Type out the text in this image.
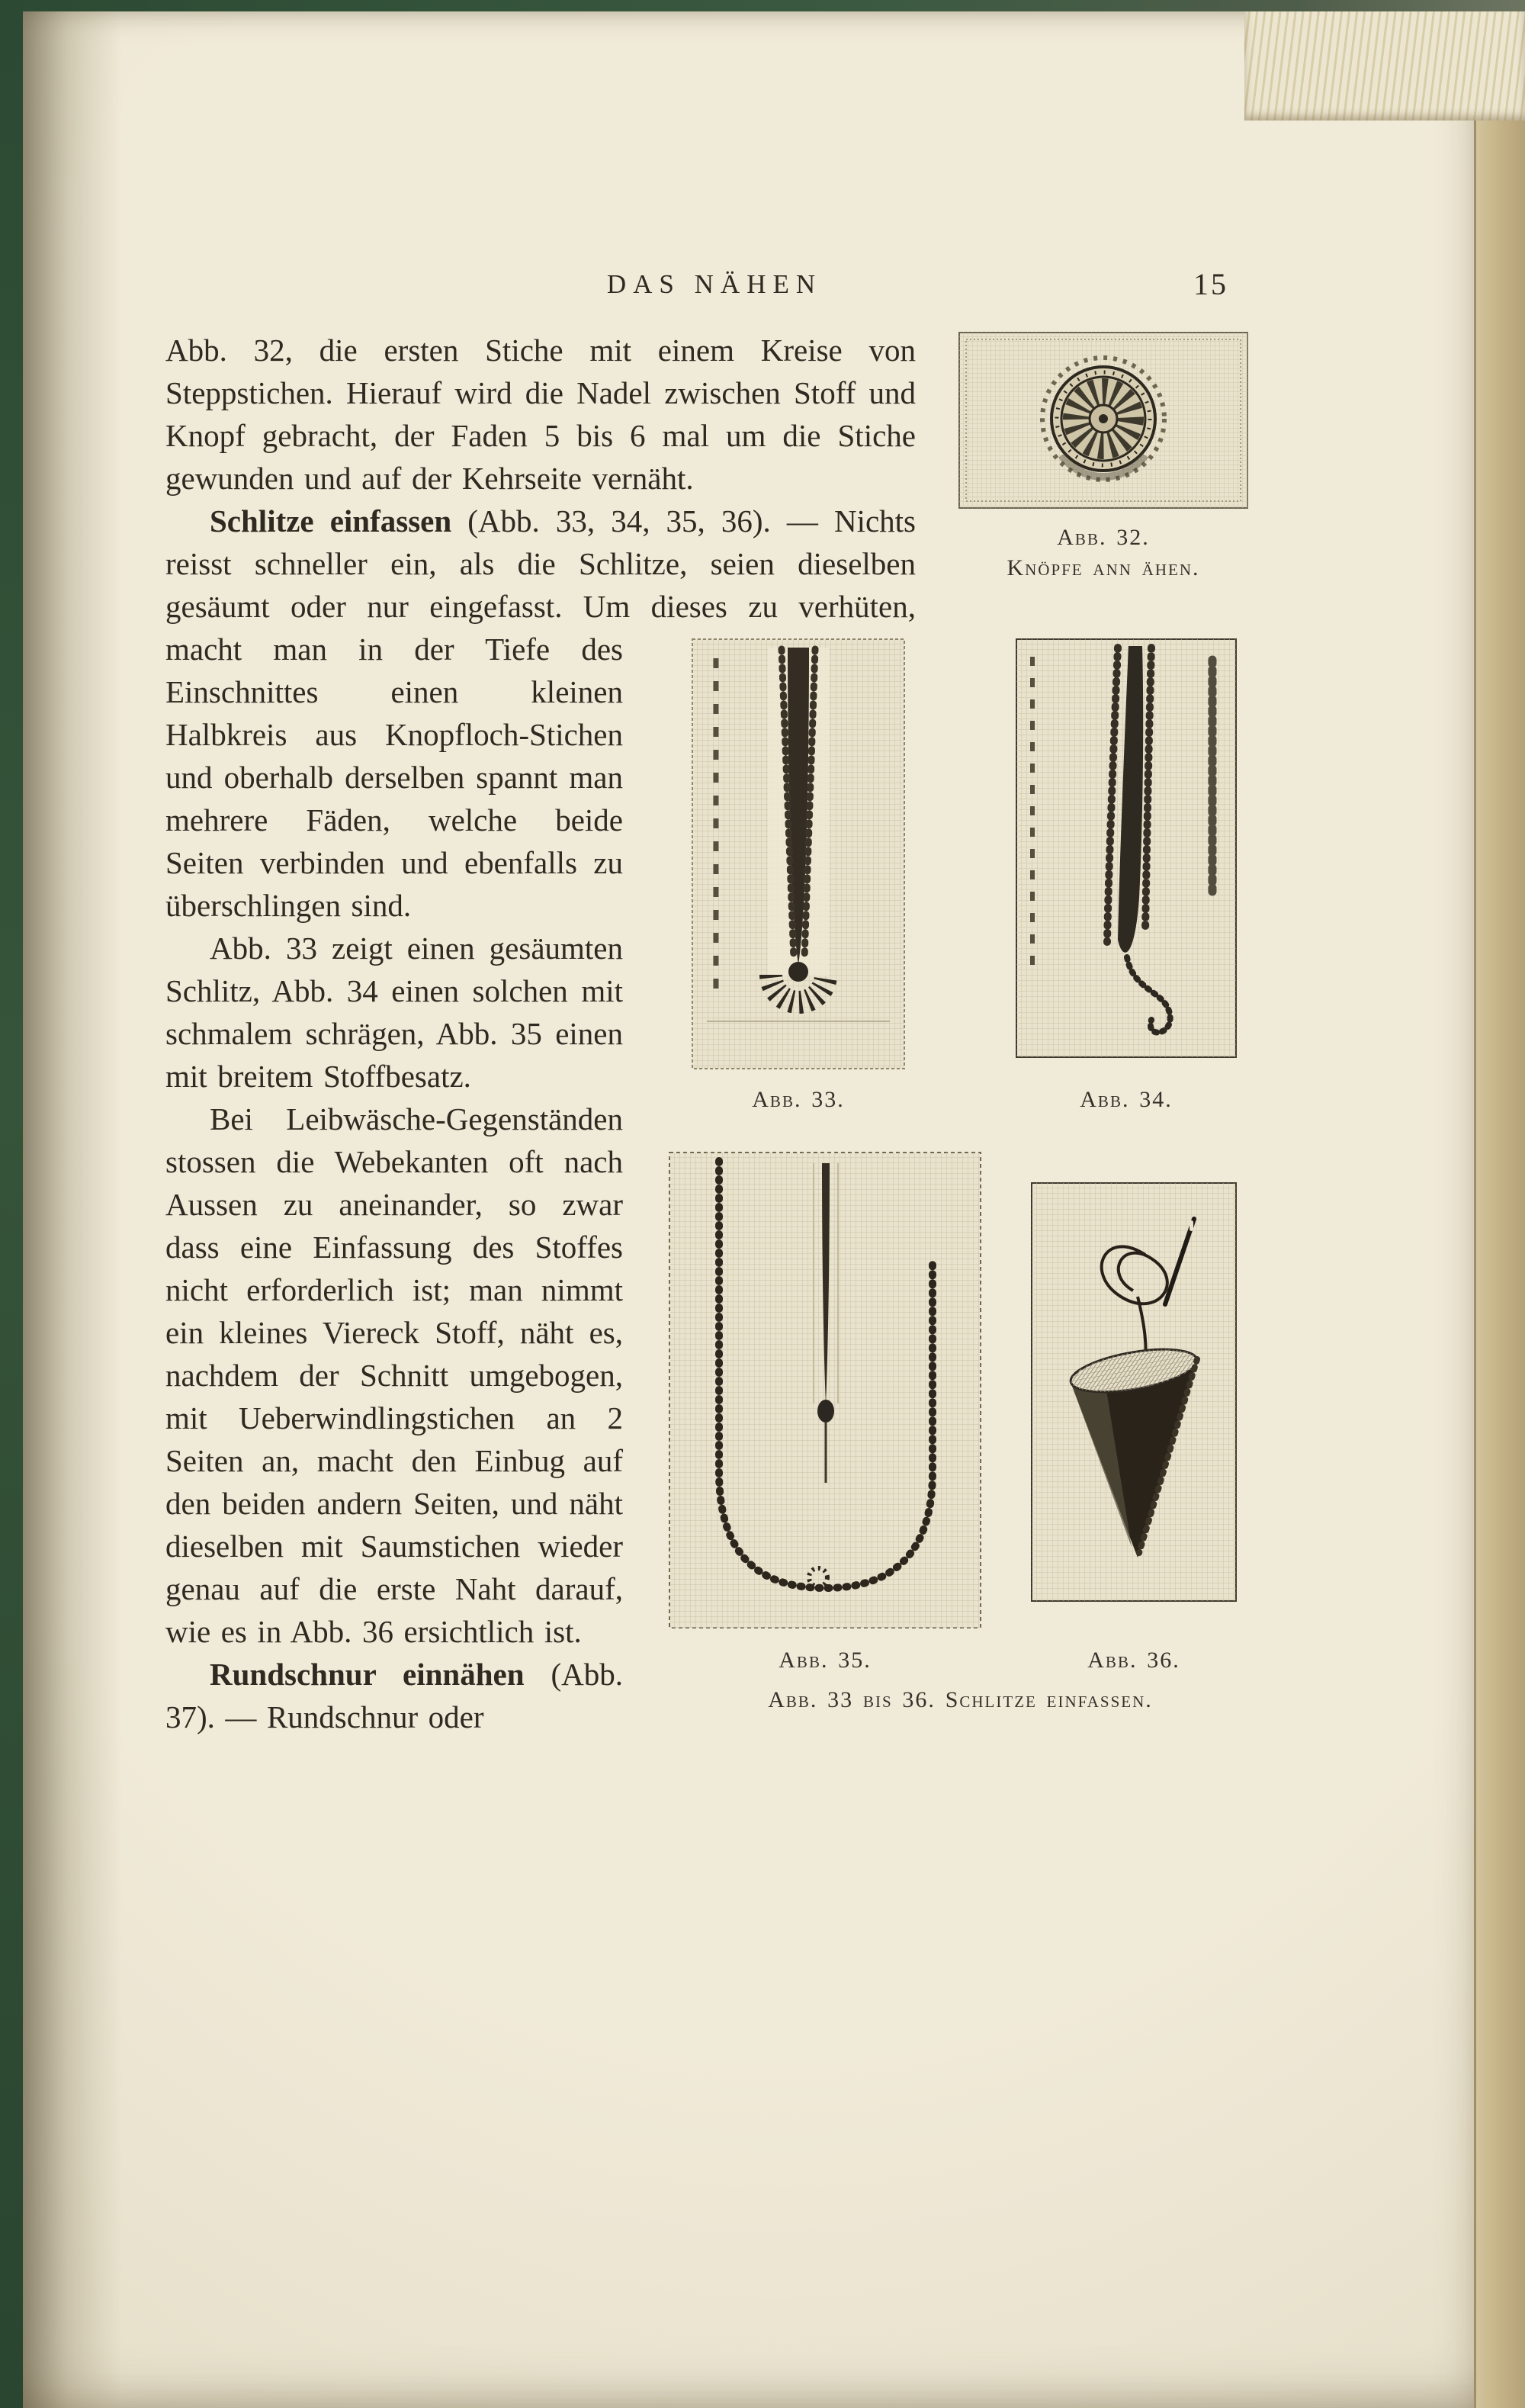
DAS NÄHEN	15

Abb. 32.
Knöpfe ann ähen.
Abb. 32, die ersten Stiche mit einem Kreise von Steppstichen. Hierauf wird die Nadel zwischen Stoff und Knopf gebracht, der Faden 5 bis 6 mal um die Stiche gewunden und auf der Kehrseite vernäht.

Schlitze einfassen (Abb. 33, 34, 35, 36). — Nichts reisst schneller ein, als die Schlitze, seien dieselben gesäumt oder
Abb. 33.	Abb. 34.
Abb. 35.	Abb. 36.
Abb. 33 bis 36. Schlitze einfassen.
nur eingefasst. Um dieses zu verhüten, macht man in der Tiefe des Einschnittes einen kleinen Halbkreis aus Knopfloch-Stichen und oberhalb derselben spannt man mehrere Fäden, welche beide Seiten verbinden und ebenfalls zu überschlingen sind.

Abb. 33 zeigt einen gesäumten Schlitz, Abb. 34 einen solchen mit schmalem schrägen, Abb. 35 einen mit breitem Stoffbesatz.

Bei Leibwäsche-Gegenständen stossen die Webekanten oft nach Aussen zu aneinander, so zwar dass eine Einfassung des Stoffes nicht erforderlich ist; man nimmt ein kleines Viereck Stoff, näht es, nachdem der Schnitt umgebogen, mit Ueberwindlingstichen an 2 Seiten an, macht den Einbug auf den beiden andern Seiten, und näht dieselben mit Saumstichen wieder genau auf die erste Naht darauf, wie es in Abb. 36 ersichtlich ist.

Rundschnur einnähen (Abb. 37). — Rundschnur oder
